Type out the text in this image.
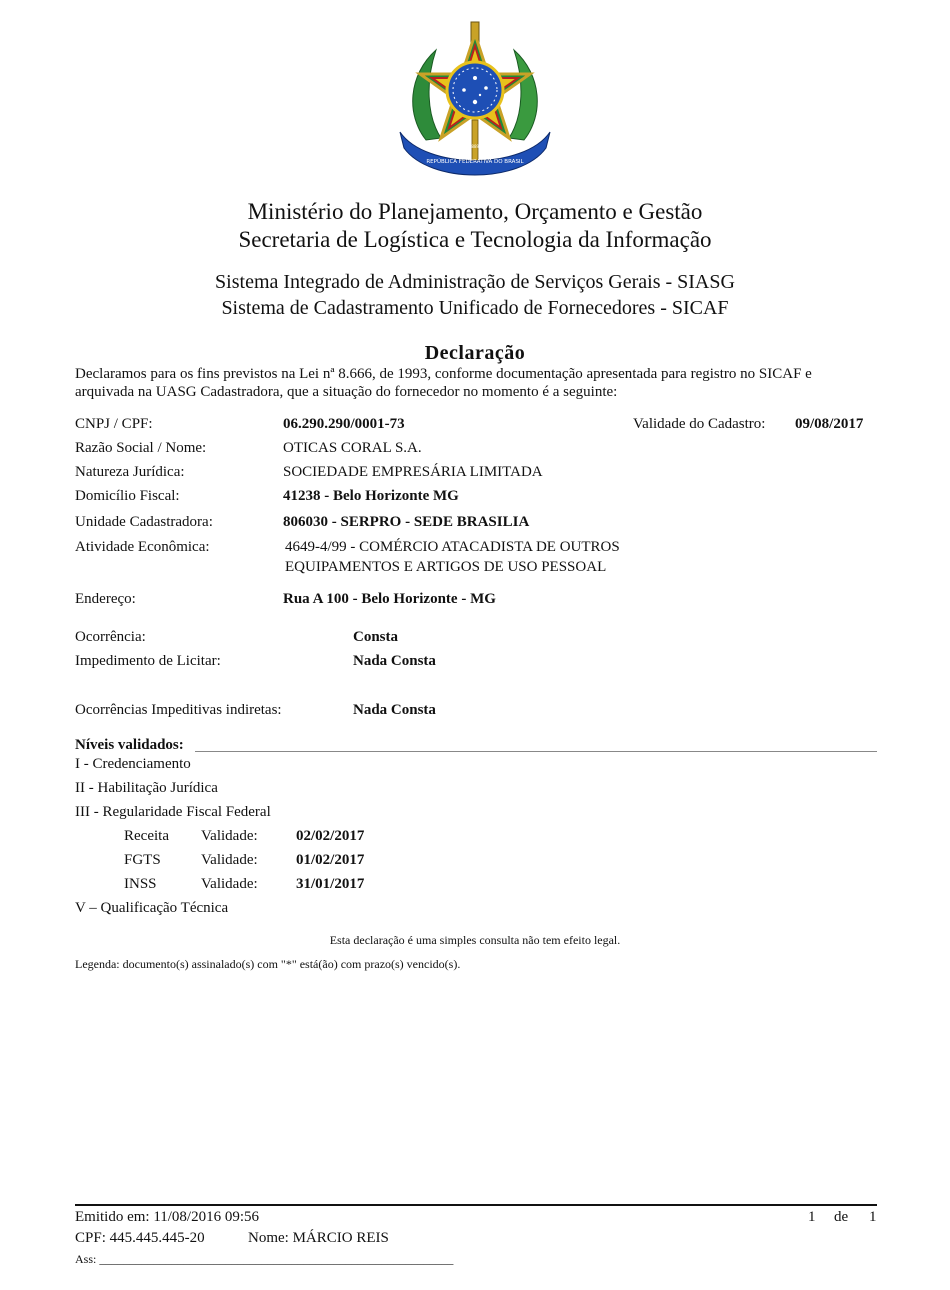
REPÚBLICA FEDERATIVA DO BRASIL
15 DE NOVEMBRO DE 1889
Ministério do Planejamento, Orçamento e Gestão
Secretaria de Logística e Tecnologia da Informação
Sistema Integrado de Administração de Serviços Gerais - SIASG
Sistema de Cadastramento Unificado de Fornecedores - SICAF
Declaração
Declaramos para os fins previstos na Lei nª 8.666, de 1993, conforme documentação apresentada para registro no SICAF e
arquivada na UASG Cadastradora, que a situação do fornecedor no momento é a seguinte:
CNPJ / CPF:	06.290.290/0001-73	Validade do Cadastro: 09/08/2017
Razão Social / Nome:	OTICAS CORAL S.A.
Natureza Jurídica:	SOCIEDADE EMPRESÁRIA LIMITADA
Domicílio Fiscal:	41238 - Belo Horizonte MG
Unidade Cadastradora:	806030 - SERPRO - SEDE BRASILIA
Atividade Econômica:	4649-4/99 - COMÉRCIO ATACADISTA DE OUTROS
EQUIPAMENTOS E ARTIGOS DE USO PESSOAL
Endereço:	Rua A 100 - Belo Horizonte - MG
Ocorrência:	Consta
Impedimento de Licitar:	Nada Consta
Ocorrências Impeditivas indiretas:	Nada Consta
Níveis validados:
I - Credenciamento
II - Habilitação Jurídica
III - Regularidade Fiscal Federal
Receita Validade:	02/02/2017
FGTS	Validade:	01/02/2017
INSS	Validade:	31/01/2017
V – Qualificação Técnica
Esta declaração é uma simples consulta não tem efeito legal.
Legenda: documento(s) assinalado(s) com "*" está(ão) com prazo(s) vencido(s).
Emitido em: 11/08/2016 09:56	1 de 1
CPF: 445.445.445-20	Nome: MÁRCIO REIS
Ass: ___________________________________________________________
